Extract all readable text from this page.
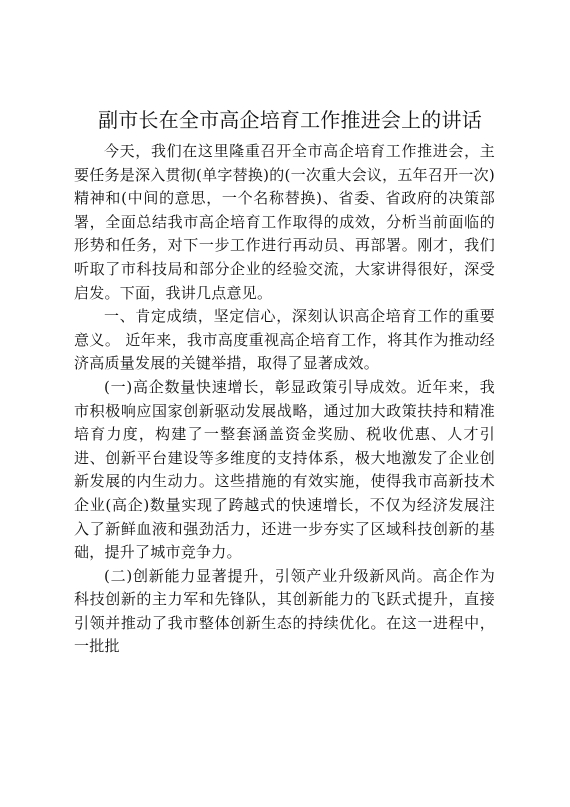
副市长在全市高企培育工作推进会上的讲话

今天，我们在这里隆重召开全市高企培育工作推进会，主要任务是深入贯彻(单字替换)的(一次重大会议，五年召开一次)精神和(中间的意思，一个名称替换)、省委、省政府的决策部署，全面总结我市高企培育工作取得的成效，分析当前面临的形势和任务，对下一步工作进行再动员、再部署。刚才，我们听取了市科技局和部分企业的经验交流，大家讲得很好，深受启发。下面，我讲几点意见。

一、肯定成绩，坚定信心，深刻认识高企培育工作的重要意义。 近年来，我市高度重视高企培育工作，将其作为推动经济高质量发展的关键举措，取得了显著成效。

(一)高企数量快速增长，彰显政策引导成效。近年来，我市积极响应国家创新驱动发展战略，通过加大政策扶持和精准培育力度，构建了一整套涵盖资金奖励、税收优惠、人才引进、创新平台建设等多维度的支持体系，极大地激发了企业创新发展的内生动力。这些措施的有效实施，使得我市高新技术企业(高企)数量实现了跨越式的快速增长，不仅为经济发展注入了新鲜血液和强劲活力，还进一步夯实了区域科技创新的基础，提升了城市竞争力。

(二)创新能力显著提升，引领产业升级新风尚。高企作为科技创新的主力军和先锋队，其创新能力的飞跃式提升，直接引领并推动了我市整体创新生态的持续优化。在这一进程中，一批批
